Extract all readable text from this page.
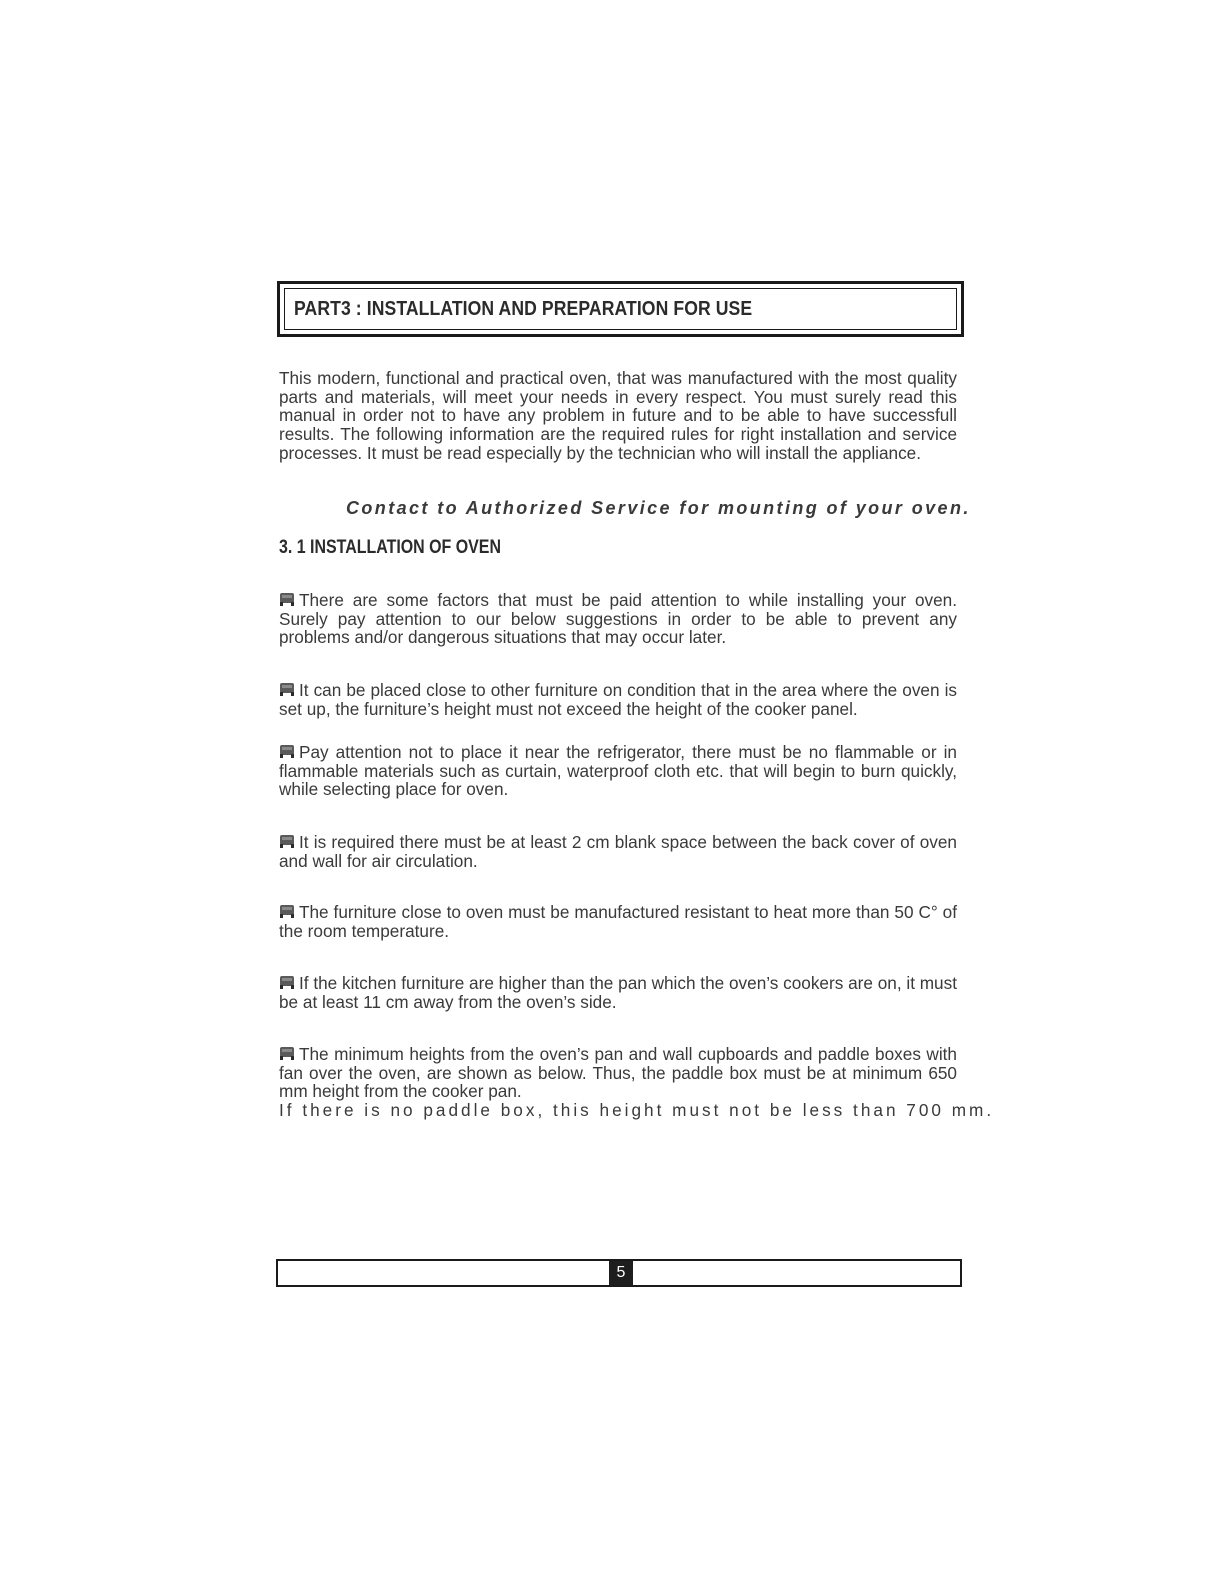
PART3 : INSTALLATION AND PREPARATION FOR USE
This modern, functional and practical oven, that was manufactured with the most quality parts and materials, will meet your needs in every respect. You must surely read this manual in order not to have any problem in future and to be able to have successfull results. The following information are the required rules for right installation and service processes. It must be read especially by the technician who will install the appliance.
Contact to Authorized Service for mounting of your oven.
3. 1 INSTALLATION OF OVEN
There are some factors that must be paid attention to while installing your oven. Surely pay attention to our below suggestions in order to be able to prevent any problems and/or dangerous situations that may occur later.
It can be placed close to other furniture on condition that in the area where the oven is set up, the furniture’s height must not exceed the height of the cooker panel.
Pay attention not to place it near the refrigerator, there must be no flammable or in flammable materials such as curtain, waterproof cloth etc. that will begin to burn quickly, while selecting place for oven.
It is required there must be at least 2 cm blank space between the back cover of oven and wall for air circulation.
The furniture close to oven must be manufactured resistant to heat more than 50 C° of the room temperature.
If the kitchen furniture are higher than the pan which the oven’s cookers are on, it must be at least 11 cm away from the oven’s side.
The minimum heights from the oven’s pan and wall cupboards and paddle boxes with fan over the oven, are shown as below. Thus, the paddle box must be at minimum 650 mm height from the cooker pan.
If there is no paddle box, this height must not be less than 700 mm.
5
